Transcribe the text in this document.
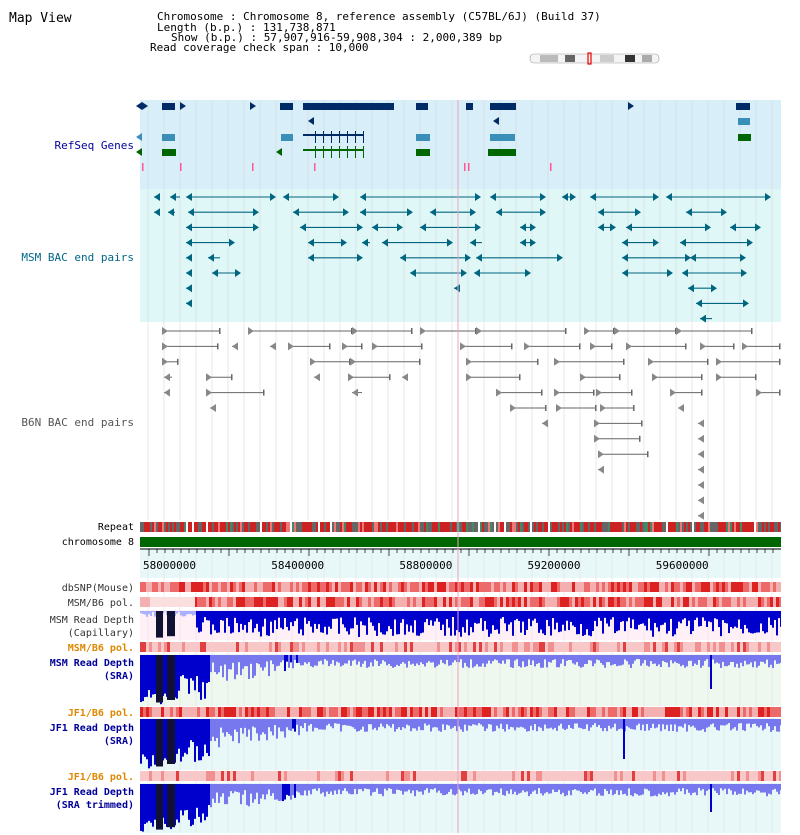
Map View	Chromosome : Chromosome 8, reference assembly (C57BL/6J) (Build 37)
Length (b.p.) : 131,738,871
Show (b.p.) : 57,907,916-59,908,304 : 2,000,389 bp
Read coverage check span : 10,000
RefSeq Genes
MSM BAC end pairs
B6N BAC end pairs
Repeat
chromosome 8
dbSNP(Mouse)
MSM/B6 pol.
MSM Read Depth
(Capillary)
MSM/B6 pol.
MSM Read Depth
(SRA)
JF1/B6 pol.
JF1 Read Depth
(SRA)
JF1/B6 pol.
JF1 Read Depth
(SRA trimmed)
58000000	58400000	58800000	59200000	59600000
